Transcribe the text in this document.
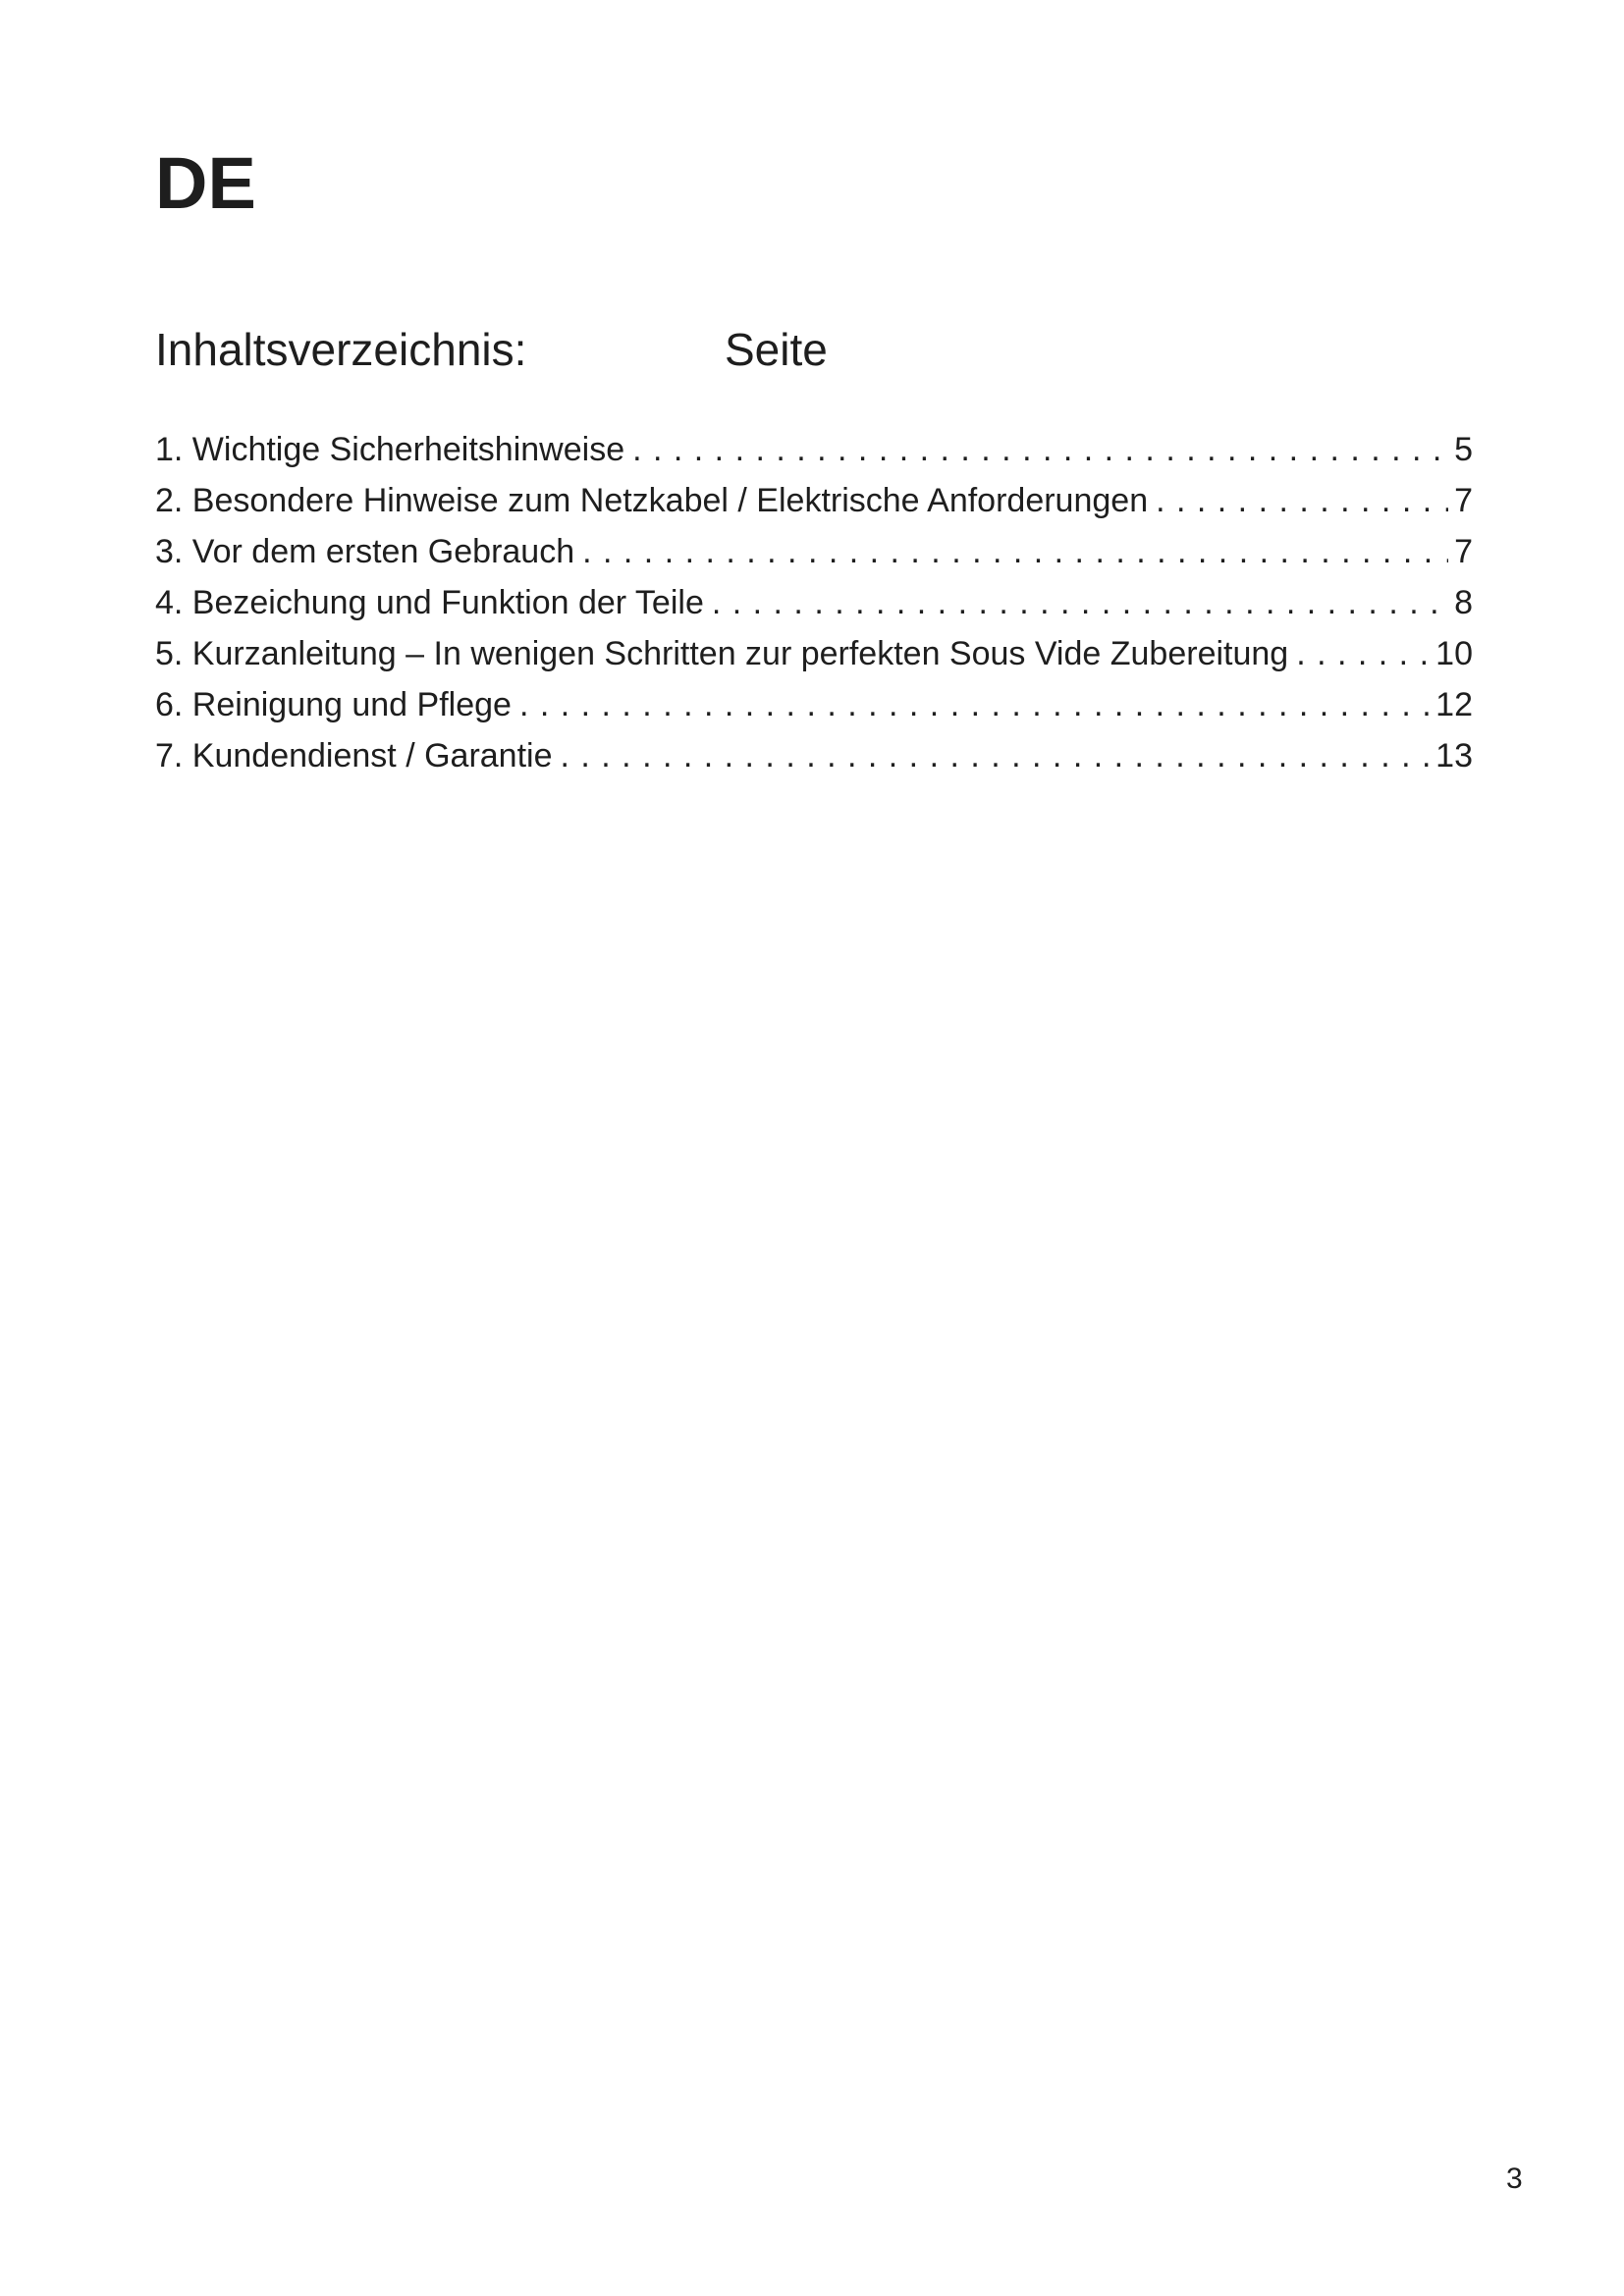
DE
Inhaltsverzeichnis:	Seite
1. Wichtige Sicherheitshinweise . . .	5
2. Besondere Hinweise zum Netzkabel / Elektrische Anforderungen . . .	7
3. Vor dem ersten Gebrauch . . .	7
4. Bezeichung und Funktion der Teile . . .	8
5. Kurzanleitung – In wenigen Schritten zur perfekten Sous Vide Zubereitung . . .	10
6. Reinigung und Pflege . . .	12
7. Kundendienst / Garantie . . .	13
3
